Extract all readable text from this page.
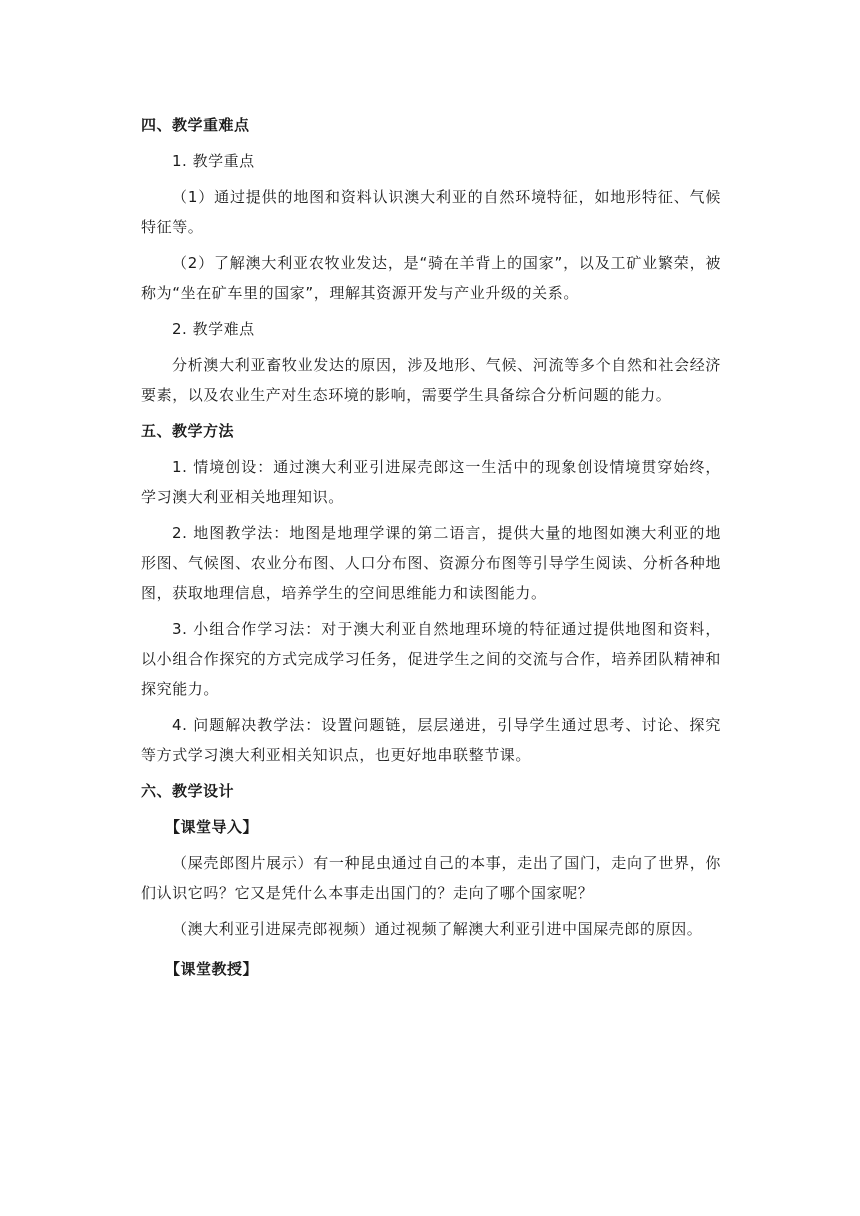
四、教学重难点
1. 教学重点
（1）通过提供的地图和资料认识澳大利亚的自然环境特征，如地形特征、气候特征等。
（2）了解澳大利亚农牧业发达，是“骑在羊背上的国家”，以及工矿业繁荣，被称为“坐在矿车里的国家”，理解其资源开发与产业升级的关系。
2. 教学难点
分析澳大利亚畜牧业发达的原因，涉及地形、气候、河流等多个自然和社会经济要素，以及农业生产对生态环境的影响，需要学生具备综合分析问题的能力。
五、教学方法
1. 情境创设：通过澳大利亚引进屎壳郎这一生活中的现象创设情境贯穿始终，学习澳大利亚相关地理知识。
2. 地图教学法：地图是地理学课的第二语言，提供大量的地图如澳大利亚的地形图、气候图、农业分布图、人口分布图、资源分布图等引导学生阅读、分析各种地图，获取地理信息，培养学生的空间思维能力和读图能力。
3. 小组合作学习法：对于澳大利亚自然地理环境的特征通过提供地图和资料，以小组合作探究的方式完成学习任务，促进学生之间的交流与合作，培养团队精神和探究能力。
4. 问题解决教学法：设置问题链，层层递进，引导学生通过思考、讨论、探究等方式学习澳大利亚相关知识点，也更好地串联整节课。
六、教学设计
【课堂导入】
（屎壳郎图片展示）有一种昆虫通过自己的本事，走出了国门，走向了世界，你们认识它吗？它又是凭什么本事走出国门的？走向了哪个国家呢？
（澳大利亚引进屎壳郎视频）通过视频了解澳大利亚引进中国屎壳郎的原因。
【课堂教授】
